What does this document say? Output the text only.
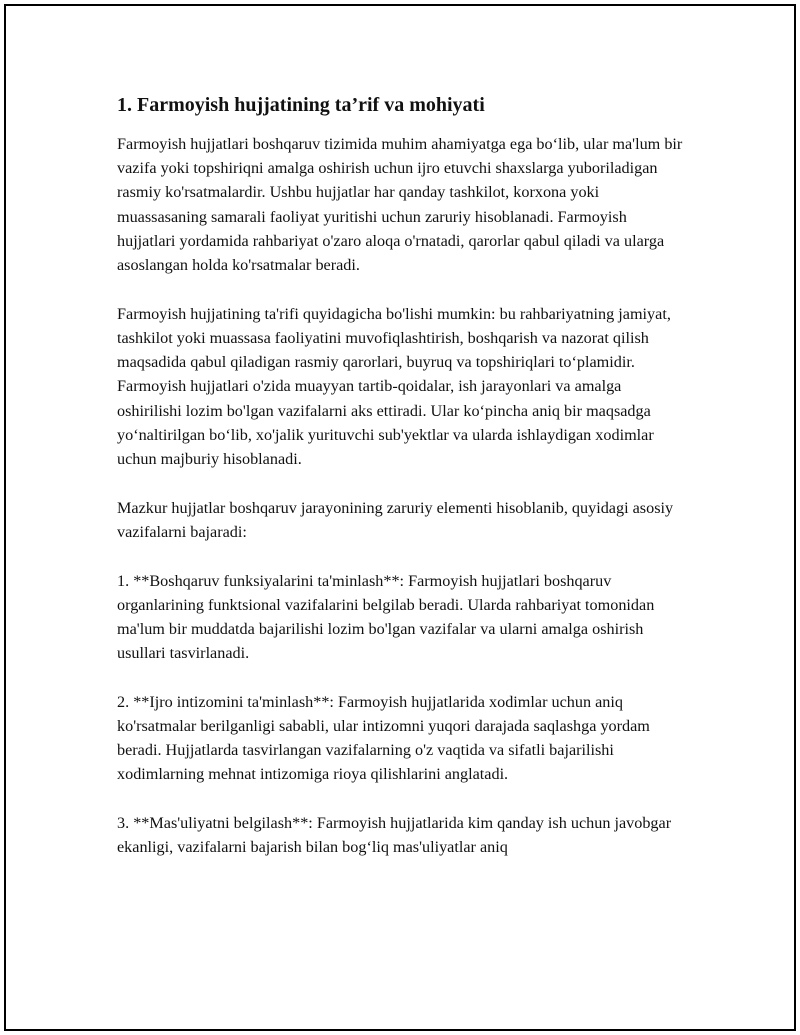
1. Farmoyish hujjatining ta’rif va mohiyati

Farmoyish hujjatlari boshqaruv tizimida muhim ahamiyatga ega bo‘lib, ular ma'lum bir vazifa yoki topshiriqni amalga oshirish uchun ijro etuvchi shaxslarga yuboriladigan rasmiy ko'rsatmalardir. Ushbu hujjatlar har qanday tashkilot, korxona yoki muassasaning samarali faoliyat yuritishi uchun zaruriy hisoblanadi. Farmoyish hujjatlari yordamida rahbariyat o'zaro aloqa o'rnatadi, qarorlar qabul qiladi va ularga asoslangan holda ko'rsatmalar beradi.

Farmoyish hujjatining ta'rifi quyidagicha bo'lishi mumkin: bu rahbariyatning jamiyat, tashkilot yoki muassasa faoliyatini muvofiqlashtirish, boshqarish va nazorat qilish maqsadida qabul qiladigan rasmiy qarorlari, buyruq va topshiriqlari to‘plamidir. Farmoyish hujjatlari o'zida muayyan tartib-qoidalar, ish jarayonlari va amalga oshirilishi lozim bo'lgan vazifalarni aks ettiradi. Ular ko‘pincha aniq bir maqsadga yo‘naltirilgan bo‘lib, xo'jalik yurituvchi sub'yektlar va ularda ishlaydigan xodimlar uchun majburiy hisoblanadi.

Mazkur hujjatlar boshqaruv jarayonining zaruriy elementi hisoblanib, quyidagi asosiy vazifalarni bajaradi:

1. **Boshqaruv funksiyalarini ta'minlash**: Farmoyish hujjatlari boshqaruv organlarining funktsional vazifalarini belgilab beradi. Ularda rahbariyat tomonidan ma'lum bir muddatda bajarilishi lozim bo'lgan vazifalar va ularni amalga oshirish usullari tasvirlanadi.

2. **Ijro intizomini ta'minlash**: Farmoyish hujjatlarida xodimlar uchun aniq ko'rsatmalar berilganligi sababli, ular intizomni yuqori darajada saqlashga yordam beradi. Hujjatlarda tasvirlangan vazifalarning o'z vaqtida va sifatli bajarilishi xodimlarning mehnat intizomiga rioya qilishlarini anglatadi.

3. **Mas'uliyatni belgilash**: Farmoyish hujjatlarida kim qanday ish uchun javobgar ekanligi, vazifalarni bajarish bilan bog‘liq mas'uliyatlar aniq
